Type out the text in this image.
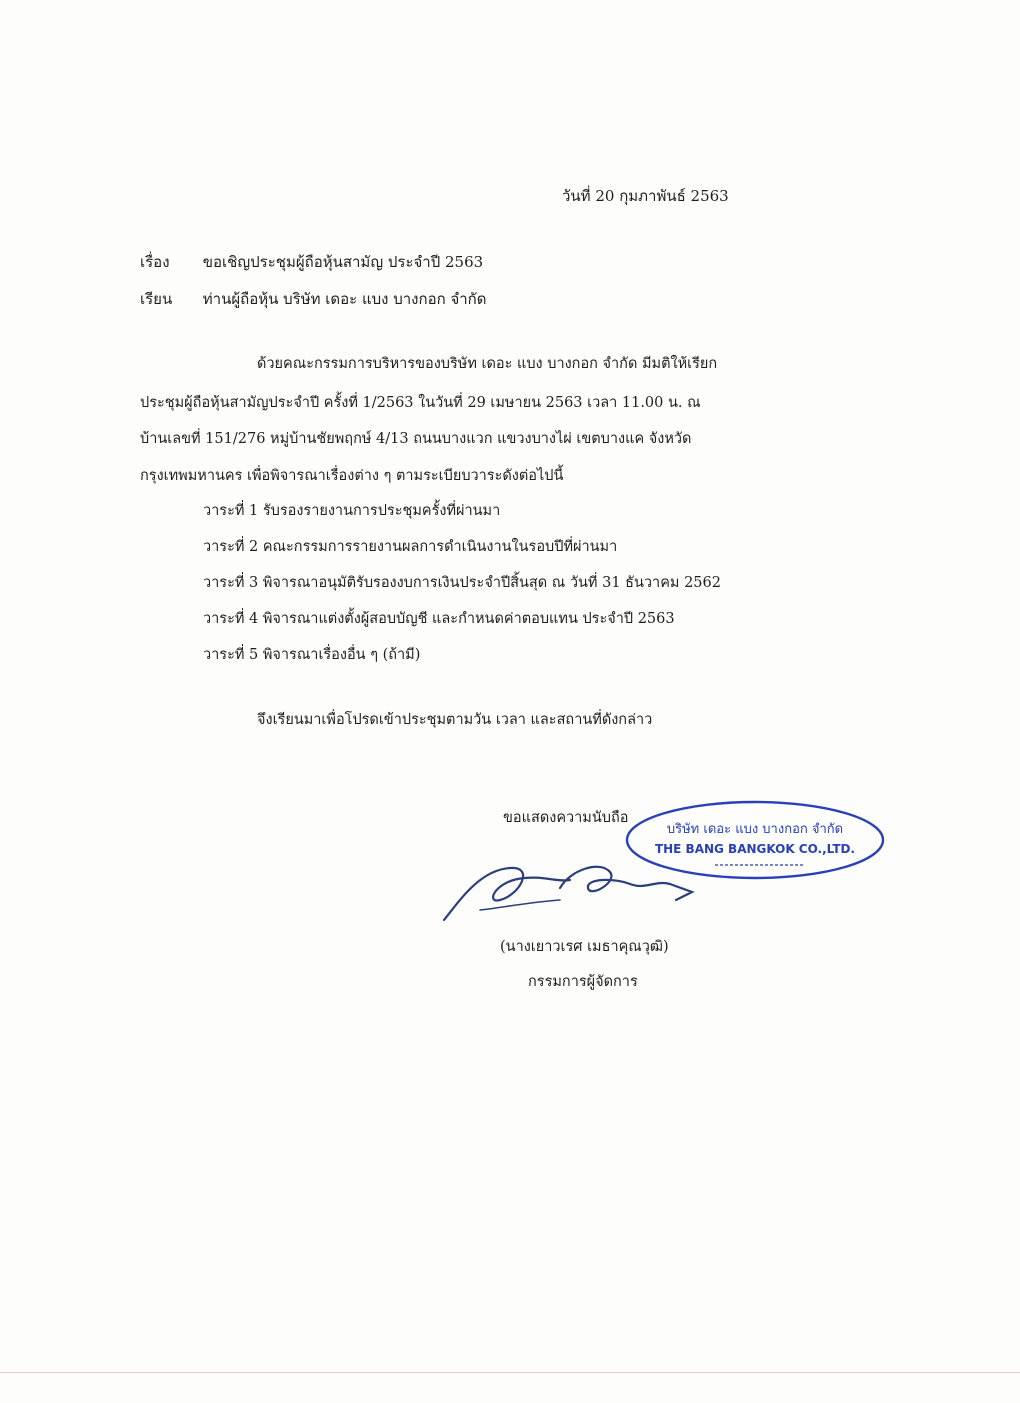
วันที่ 20 กุมภาพันธ์ 2563
เรื่อง ขอเชิญประชุมผู้ถือหุ้นสามัญ ประจำปี 2563
เรียน ท่านผู้ถือหุ้น บริษัท เดอะ แบง บางกอก จำกัด
ด้วยคณะกรรมการบริหารของบริษัท เดอะ แบง บางกอก จำกัด มีมติให้เรียก
ประชุมผู้ถือหุ้นสามัญประจำปี ครั้งที่ 1/2563 ในวันที่ 29 เมษายน 2563 เวลา 11.00 น. ณ
บ้านเลขที่ 151/276 หมู่บ้านชัยพฤกษ์ 4/13 ถนนบางแวก แขวงบางไผ่ เขตบางแค จังหวัด
กรุงเทพมหานคร เพื่อพิจารณาเรื่องต่าง ๆ ตามระเบียบวาระดังต่อไปนี้
วาระที่ 1 รับรองรายงานการประชุมครั้งที่ผ่านมา
วาระที่ 2 คณะกรรมการรายงานผลการดำเนินงานในรอบปีที่ผ่านมา
วาระที่ 3 พิจารณาอนุมัติรับรองงบการเงินประจำปีสิ้นสุด ณ วันที่ 31 ธันวาคม 2562
วาระที่ 4 พิจารณาแต่งตั้งผู้สอบบัญชี และกำหนดค่าตอบแทน ประจำปี 2563
วาระที่ 5 พิจารณาเรื่องอื่น ๆ (ถ้ามี)
จึงเรียนมาเพื่อโปรดเข้าประชุมตามวัน เวลา และสถานที่ดังกล่าว
ขอแสดงความนับถือ
บริษัท เดอะ แบง บางกอก จำกัด
THE BANG BANGKOK CO.,LTD.
(นางเยาวเรศ เมธาคุณวุฒิ)
กรรมการผู้จัดการ
